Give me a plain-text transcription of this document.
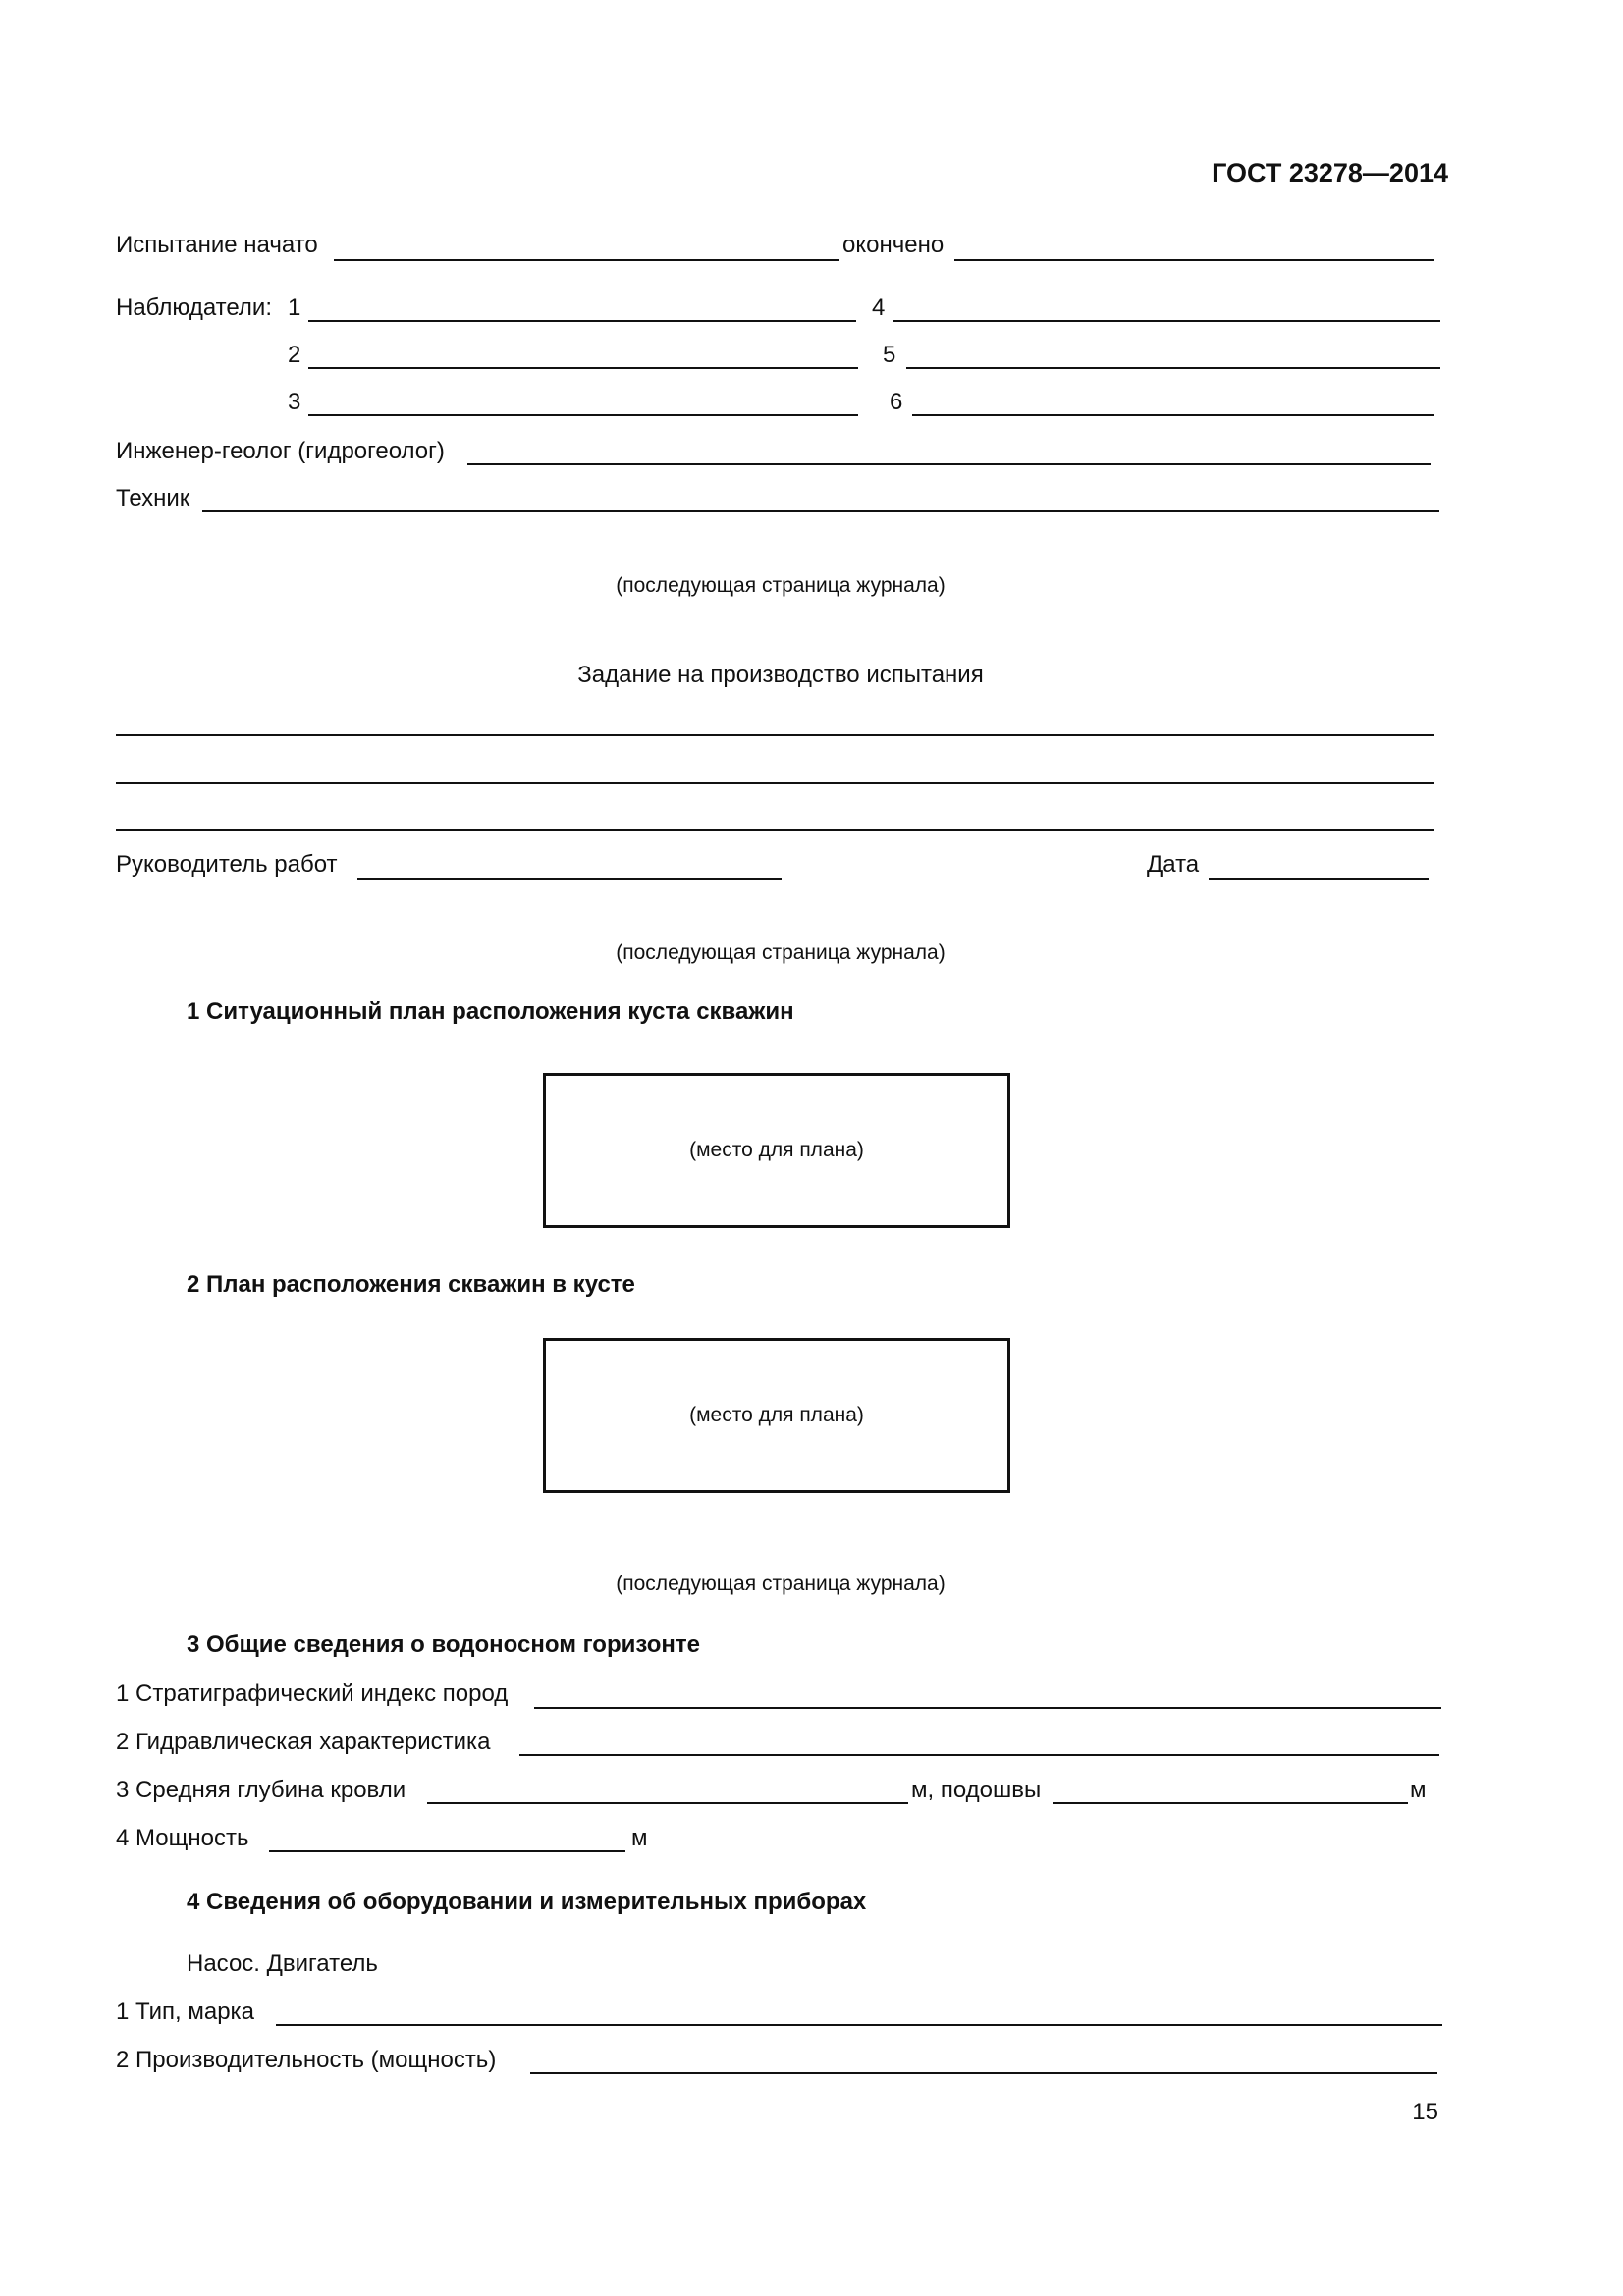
ГОСТ 23278—2014
Испытание начато	окончено
Наблюдатели: 1	4
2	5
3	6
Инженер-геолог (гидрогеолог)
Техник
(последующая страница журнала)
Задание на производство испытания
Руководитель работ	Дата
(последующая страница журнала)
1 Ситуационный план расположения куста скважин
(место для плана)
2 План расположения скважин в кусте
(место для плана)
(последующая страница журнала)
3 Общие сведения о водоносном горизонте
1 Стратиграфический индекс пород
2 Гидравлическая характеристика
3 Средняя глубина кровли	м, подошвы	м
4 Мощность	м
4 Сведения об оборудовании и измерительных приборах
Насос. Двигатель
1 Тип, марка
2 Производительность (мощность)
15
